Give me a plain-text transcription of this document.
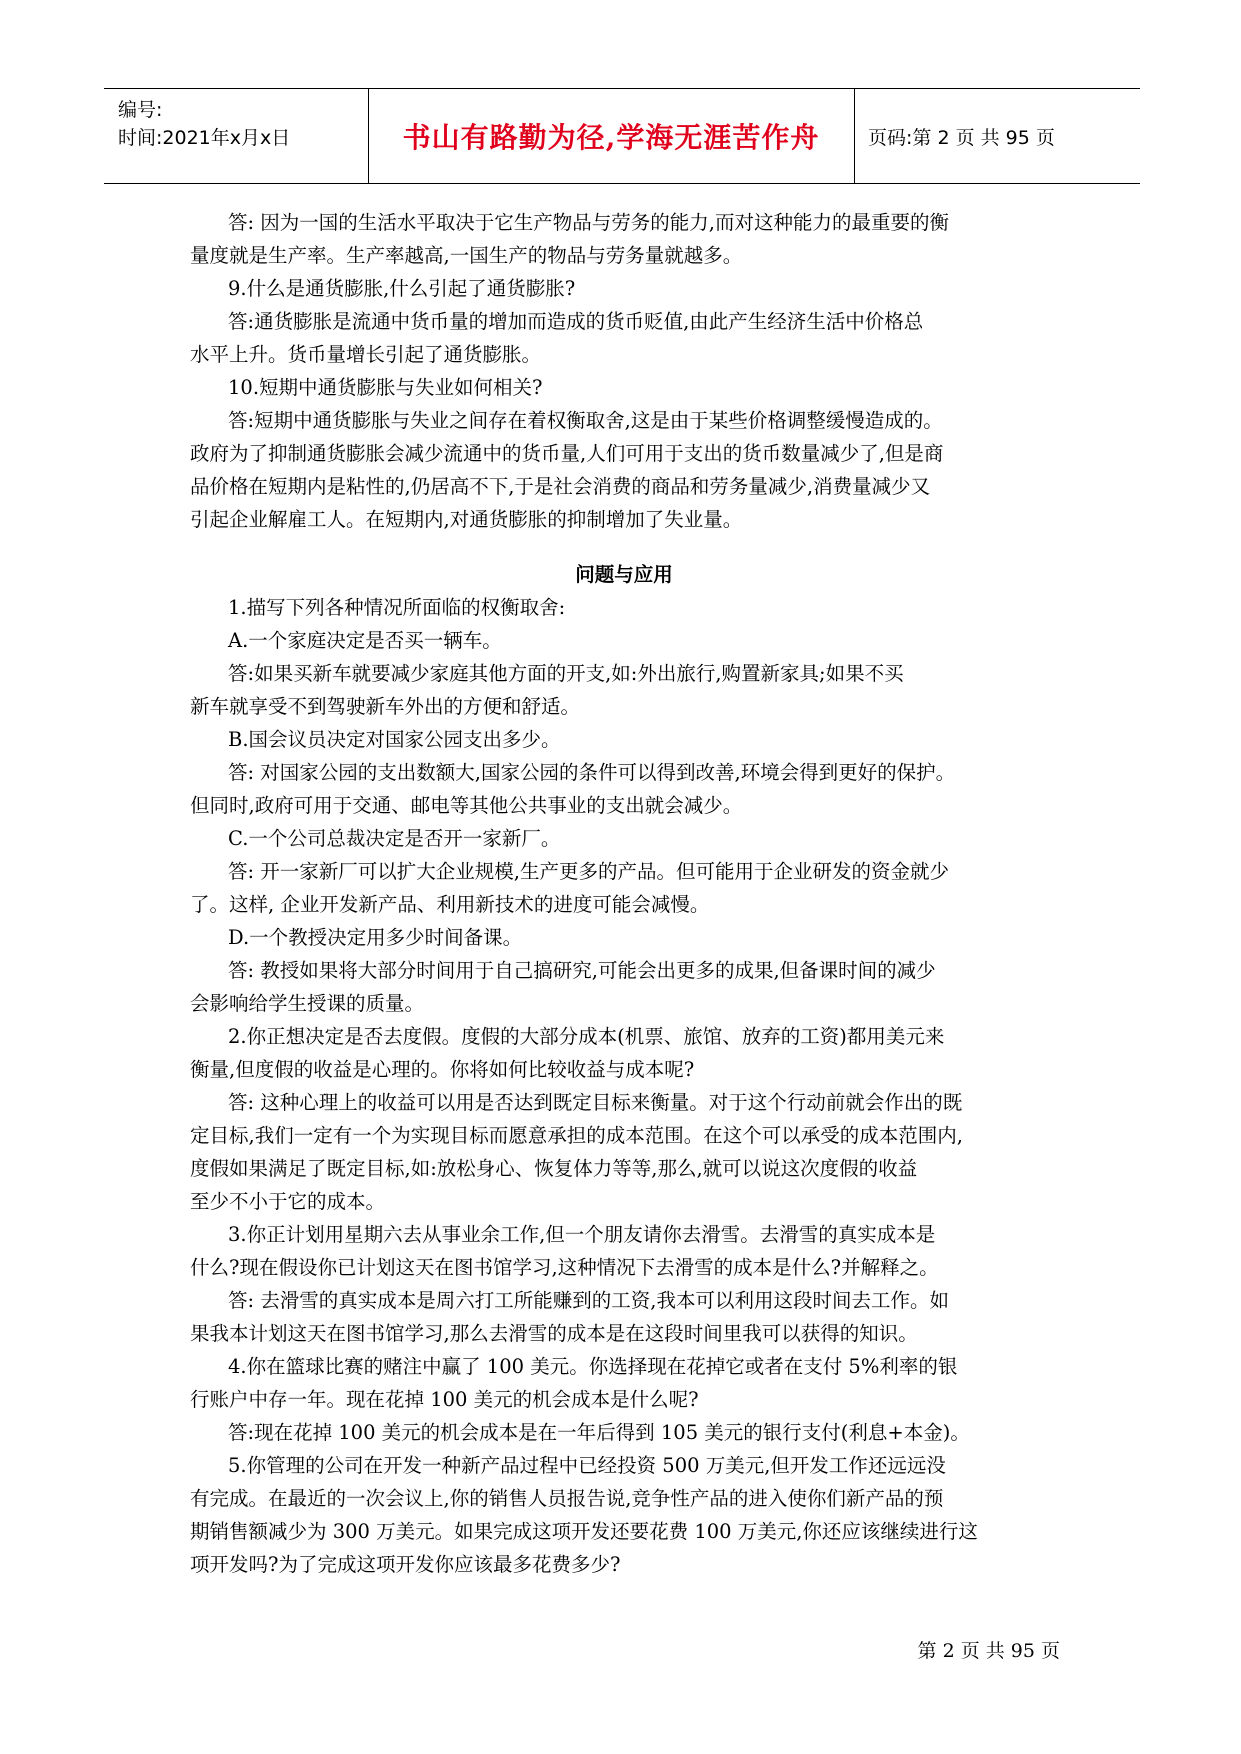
编号:
时间:2021年x月x日	书山有路勤为径,学海无涯苦作舟	页码:第 2 页 共 95 页
答: 因为一国的生活水平取决于它生产物品与劳务的能力,而对这种能力的最重要的衡
量度就是生产率。生产率越高,一国生产的物品与劳务量就越多。
9.什么是通货膨胀,什么引起了通货膨胀?
答:通货膨胀是流通中货币量的增加而造成的货币贬值,由此产生经济生活中价格总
水平上升。货币量增长引起了通货膨胀。
10.短期中通货膨胀与失业如何相关?
答:短期中通货膨胀与失业之间存在着权衡取舍,这是由于某些价格调整缓慢造成的。
政府为了抑制通货膨胀会减少流通中的货币量,人们可用于支出的货币数量减少了,但是商
品价格在短期内是粘性的,仍居高不下,于是社会消费的商品和劳务量减少,消费量减少又
引起企业解雇工人。在短期内,对通货膨胀的抑制增加了失业量。
问题与应用
1.描写下列各种情况所面临的权衡取舍:
A.一个家庭决定是否买一辆车。
答:如果买新车就要减少家庭其他方面的开支,如:外出旅行,购置新家具;如果不买
新车就享受不到驾驶新车外出的方便和舒适。
B.国会议员决定对国家公园支出多少。
答: 对国家公园的支出数额大,国家公园的条件可以得到改善,环境会得到更好的保护。
但同时,政府可用于交通、邮电等其他公共事业的支出就会减少。
C.一个公司总裁决定是否开一家新厂。
答: 开一家新厂可以扩大企业规模,生产更多的产品。但可能用于企业研发的资金就少
了。这样, 企业开发新产品、利用新技术的进度可能会减慢。
D.一个教授决定用多少时间备课。
答: 教授如果将大部分时间用于自己搞研究,可能会出更多的成果,但备课时间的减少
会影响给学生授课的质量。
2.你正想决定是否去度假。度假的大部分成本(机票、旅馆、放弃的工资)都用美元来
衡量,但度假的收益是心理的。你将如何比较收益与成本呢?
答: 这种心理上的收益可以用是否达到既定目标来衡量。对于这个行动前就会作出的既
定目标,我们一定有一个为实现目标而愿意承担的成本范围。在这个可以承受的成本范围内,
度假如果满足了既定目标,如:放松身心、恢复体力等等,那么,就可以说这次度假的收益
至少不小于它的成本。
3.你正计划用星期六去从事业余工作,但一个朋友请你去滑雪。去滑雪的真实成本是
什么?现在假设你已计划这天在图书馆学习,这种情况下去滑雪的成本是什么?并解释之。
答: 去滑雪的真实成本是周六打工所能赚到的工资,我本可以利用这段时间去工作。如
果我本计划这天在图书馆学习,那么去滑雪的成本是在这段时间里我可以获得的知识。
4.你在篮球比赛的赌注中赢了 100 美元。你选择现在花掉它或者在支付 5%利率的银
行账户中存一年。现在花掉 100 美元的机会成本是什么呢?
答:现在花掉 100 美元的机会成本是在一年后得到 105 美元的银行支付(利息+本金)。
5.你管理的公司在开发一种新产品过程中已经投资 500 万美元,但开发工作还远远没
有完成。在最近的一次会议上,你的销售人员报告说,竞争性产品的进入使你们新产品的预
期销售额减少为 300 万美元。如果完成这项开发还要花费 100 万美元,你还应该继续进行这
项开发吗?为了完成这项开发你应该最多花费多少?
第 2 页 共 95 页
